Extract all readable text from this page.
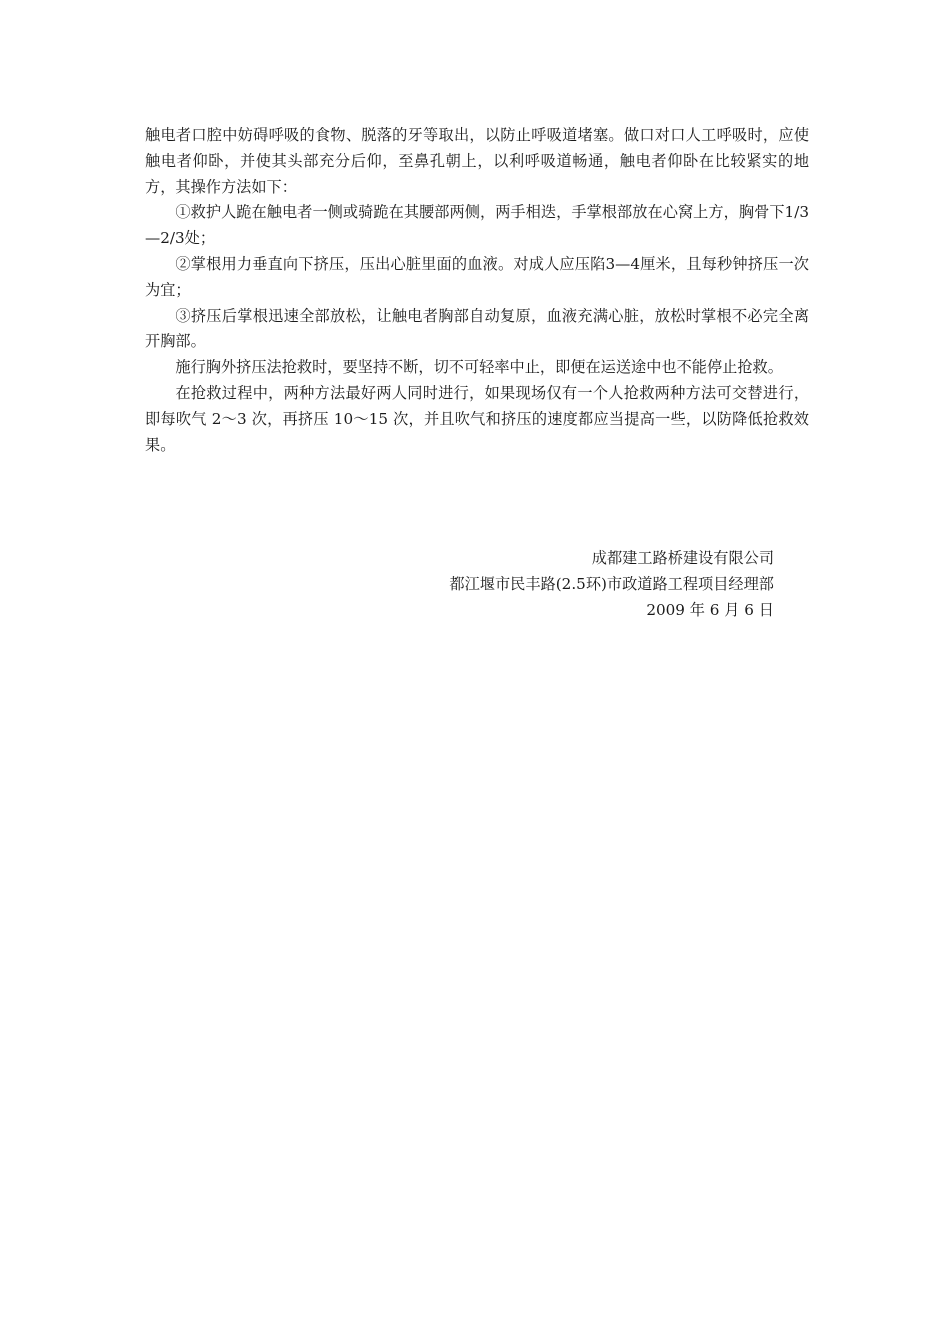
触电者口腔中妨碍呼吸的食物、脱落的牙等取出，以防止呼吸道堵塞。做口对口人工呼吸时，应使触电者仰卧，并使其头部充分后仰，至鼻孔朝上，以利呼吸道畅通，触电者仰卧在比较紧实的地方，其操作方法如下：

①救护人跪在触电者一侧或骑跪在其腰部两侧，两手相迭，手掌根部放在心窝上方，胸骨下1/3—2/3处；

②掌根用力垂直向下挤压，压出心脏里面的血液。对成人应压陷3—4厘米，且每秒钟挤压一次为宜；

③挤压后掌根迅速全部放松，让触电者胸部自动复原，血液充满心脏，放松时掌根不必完全离开胸部。

施行胸外挤压法抢救时，要坚持不断，切不可轻率中止，即便在运送途中也不能停止抢救。

在抢救过程中，两种方法最好两人同时进行，如果现场仅有一个人抢救两种方法可交替进行，即每吹气 2～3 次，再挤压 10～15 次，并且吹气和挤压的速度都应当提高一些，以防降低抢救效果。

成都建工路桥建设有限公司
都江堰市民丰路(2.5环)市政道路工程项目经理部
2009 年 6 月 6 日
